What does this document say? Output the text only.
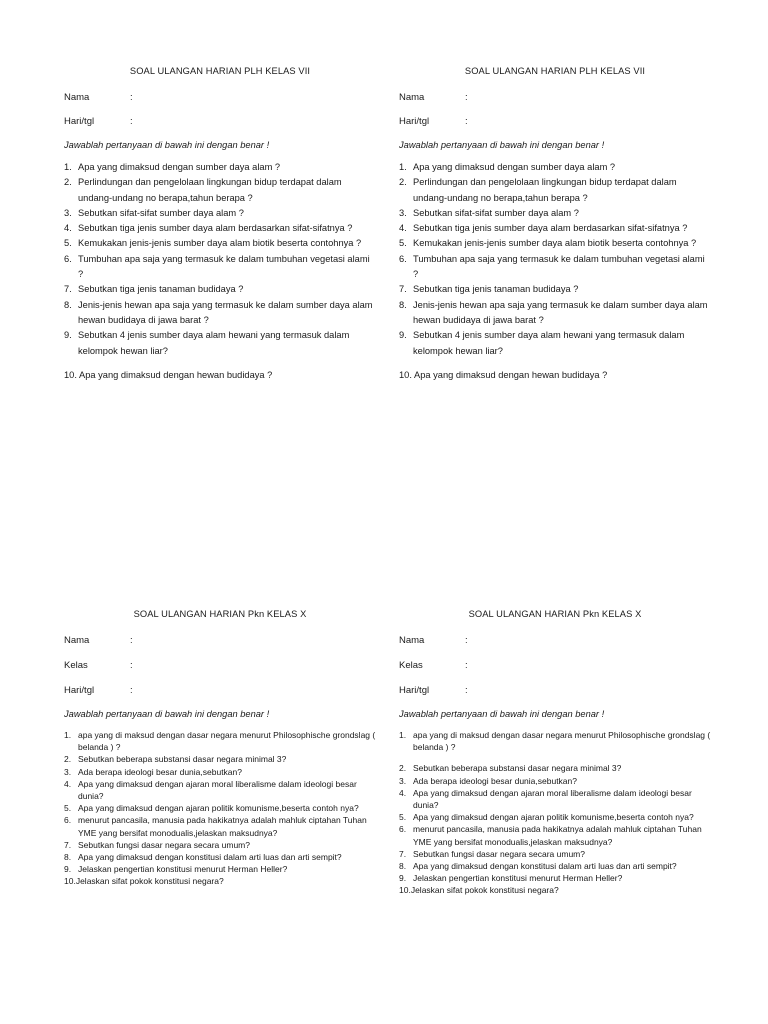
SOAL ULANGAN HARIAN PLH KELAS VII
Nama	:
Hari/tgl	:
Jawablah pertanyaan di bawah ini dengan benar !
1. Apa yang dimaksud dengan sumber daya alam ?
2. Perlindungan dan pengelolaan lingkungan bidup terdapat dalam undang-undang no berapa,tahun berapa ?
3. Sebutkan sifat-sifat sumber daya alam ?
4. Sebutkan tiga jenis sumber daya alam berdasarkan sifat-sifatnya ?
5. Kemukakan jenis-jenis sumber daya alam biotik beserta contohnya ?
6. Tumbuhan apa saja yang termasuk ke dalam tumbuhan vegetasi alami ?
7. Sebutkan tiga jenis tanaman budidaya ?
8. Jenis-jenis hewan apa saja yang termasuk ke dalam sumber daya alam hewan budidaya di jawa barat ?
9. Sebutkan 4 jenis sumber daya alam hewani yang termasuk dalam kelompok hewan liar?
10. Apa yang dimaksud dengan hewan budidaya ?
SOAL ULANGAN HARIAN PLH KELAS VII
Nama	:
Hari/tgl	:
Jawablah pertanyaan di bawah ini dengan benar !
1. Apa yang dimaksud dengan sumber daya alam ?
2. Perlindungan dan pengelolaan lingkungan bidup terdapat dalam undang-undang no berapa,tahun berapa ?
3. Sebutkan sifat-sifat sumber daya alam ?
4. Sebutkan tiga jenis sumber daya alam berdasarkan sifat-sifatnya ?
5. Kemukakan jenis-jenis sumber daya alam biotik beserta contohnya ?
6. Tumbuhan apa saja yang termasuk ke dalam tumbuhan vegetasi alami ?
7. Sebutkan tiga jenis tanaman budidaya ?
8. Jenis-jenis hewan apa saja yang termasuk ke dalam sumber daya alam hewan budidaya di jawa barat ?
9. Sebutkan 4 jenis sumber daya alam hewani yang termasuk dalam kelompok hewan liar?
10. Apa yang dimaksud dengan hewan budidaya ?
SOAL ULANGAN HARIAN Pkn KELAS X
Nama	:
Kelas	:
Hari/tgl	:
Jawablah pertanyaan di bawah ini dengan benar !
1. apa yang di maksud dengan dasar negara menurut Philosophische grondslag ( belanda ) ?
2. Sebutkan beberapa substansi dasar negara minimal 3?
3. Ada berapa ideologi besar dunia,sebutkan?
4. Apa yang dimaksud dengan ajaran moral liberalisme dalam ideologi besar dunia?
5. Apa yang dimaksud dengan ajaran politik komunisme,beserta contoh nya?
6. menurut pancasila, manusia pada hakikatnya adalah mahluk ciptahan Tuhan YME yang bersifat monodualis,jelaskan maksudnya?
7. Sebutkan fungsi dasar negara secara umum?
8. Apa yang dimaksud dengan konstitusi dalam arti luas dan arti sempit?
9. Jelaskan pengertian konstitusi menurut Herman Heller?
10.Jelaskan sifat pokok konstitusi negara?
SOAL ULANGAN HARIAN Pkn KELAS X
Nama	:
Kelas	:
Hari/tgl	:
Jawablah pertanyaan di bawah ini dengan benar !
1. apa yang di maksud dengan dasar negara menurut Philosophische grondslag ( belanda ) ?
2. Sebutkan beberapa substansi dasar negara minimal 3?
3. Ada berapa ideologi besar dunia,sebutkan?
4. Apa yang dimaksud dengan ajaran moral liberalisme dalam ideologi besar dunia?
5. Apa yang dimaksud dengan ajaran politik komunisme,beserta contoh nya?
6. menurut pancasila, manusia pada hakikatnya adalah mahluk ciptahan Tuhan YME yang bersifat monodualis,jelaskan maksudnya?
7. Sebutkan fungsi dasar negara secara umum?
8. Apa yang dimaksud dengan konstitusi dalam arti luas dan arti sempit?
9. Jelaskan pengertian konstitusi menurut Herman Heller?
10.Jelaskan sifat pokok konstitusi negara?
